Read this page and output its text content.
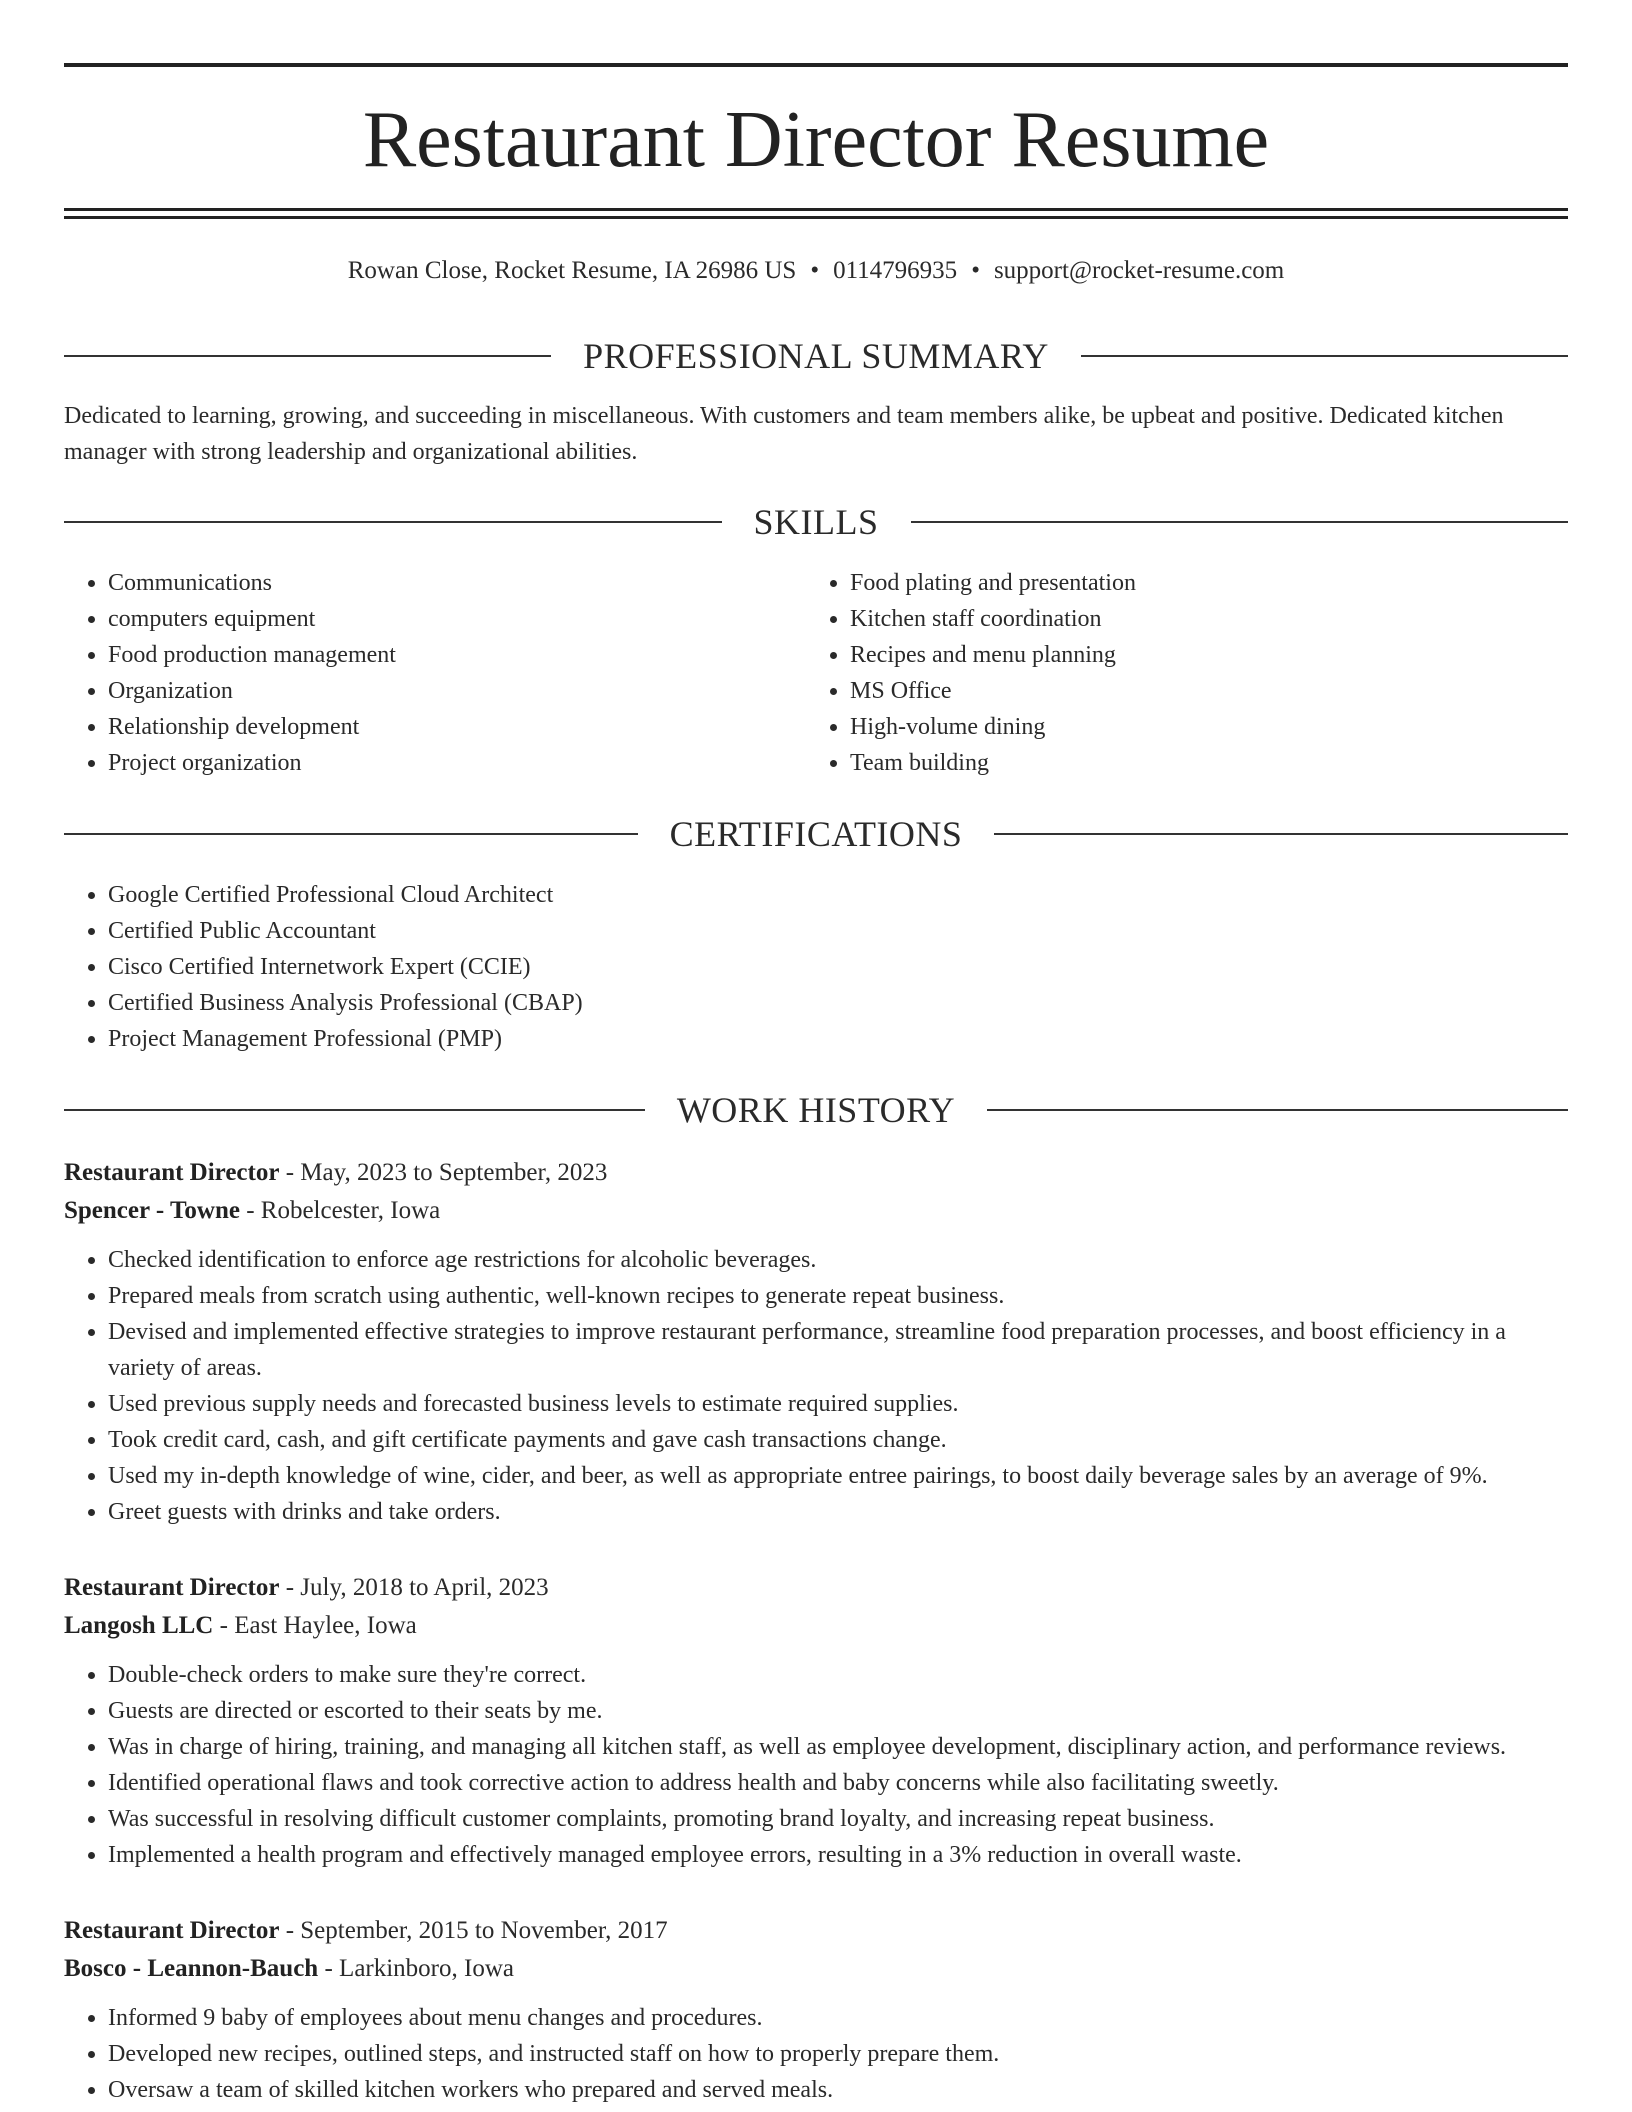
Restaurant Director Resume
Rowan Close, Rocket Resume, IA 26986 US • 0114796935 • support@rocket-resume.com
PROFESSIONAL SUMMARY

Dedicated to learning, growing, and succeeding in miscellaneous. With customers and team members alike, be upbeat and positive. Dedicated kitchen manager with strong leadership and organizational abilities.

SKILLS
• Communications
• computers equipment
• Food production management
• Organization
• Relationship development
• Project organization
• Food plating and presentation
• Kitchen staff coordination
• Recipes and menu planning
• MS Office
• High-volume dining
• Team building
CERTIFICATIONS
• Google Certified Professional Cloud Architect
• Certified Public Accountant
• Cisco Certified Internetwork Expert (CCIE)
• Certified Business Analysis Professional (CBAP)
• Project Management Professional (PMP)
WORK HISTORY
Restaurant Director - May, 2023 to September, 2023
Spencer - Towne - Robelcester, Iowa
• Checked identification to enforce age restrictions for alcoholic beverages.
• Prepared meals from scratch using authentic, well-known recipes to generate repeat business.
• Devised and implemented effective strategies to improve restaurant performance, streamline food preparation processes, and boost efficiency in a variety of areas.
• Used previous supply needs and forecasted business levels to estimate required supplies.
• Took credit card, cash, and gift certificate payments and gave cash transactions change.
• Used my in-depth knowledge of wine, cider, and beer, as well as appropriate entree pairings, to boost daily beverage sales by an average of 9%.
• Greet guests with drinks and take orders.
Restaurant Director - July, 2018 to April, 2023
Langosh LLC - East Haylee, Iowa
• Double-check orders to make sure they're correct.
• Guests are directed or escorted to their seats by me.
• Was in charge of hiring, training, and managing all kitchen staff, as well as employee development, disciplinary action, and performance reviews.
• Identified operational flaws and took corrective action to address health and baby concerns while also facilitating sweetly.
• Was successful in resolving difficult customer complaints, promoting brand loyalty, and increasing repeat business.
• Implemented a health program and effectively managed employee errors, resulting in a 3% reduction in overall waste.
Restaurant Director - September, 2015 to November, 2017
Bosco - Leannon-Bauch - Larkinboro, Iowa
• Informed 9 baby of employees about menu changes and procedures.
• Developed new recipes, outlined steps, and instructed staff on how to properly prepare them.
• Oversaw a team of skilled kitchen workers who prepared and served meals.
